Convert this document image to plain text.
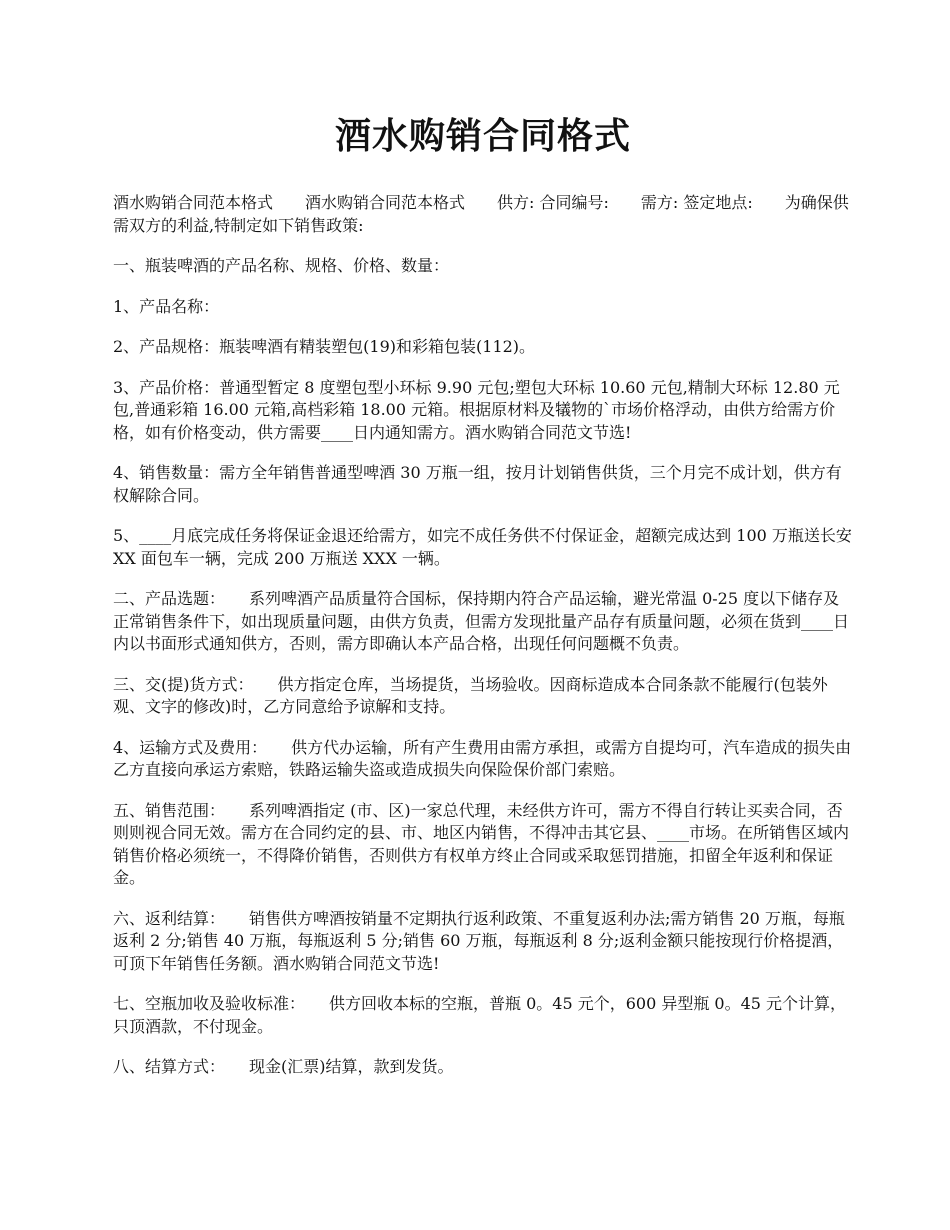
酒水购销合同格式

酒水购销合同范本格式　　酒水购销合同范本格式　　供方: 合同编号:　　需方: 签定地点:　　为确保供需双方的利益,特制定如下销售政策:

一、瓶装啤酒的产品名称、规格、价格、数量：

1、产品名称：

2、产品规格：瓶装啤酒有精装塑包(19)和彩箱包装(112)。

3、产品价格：普通型暂定 8 度塑包型小环标 9.90 元包;塑包大环标 10.60 元包,精制大环标 12.80 元包,普通彩箱 16.00 元箱,高档彩箱 18.00 元箱。根据原材料及犠物的`市场价格浮动，由供方给需方价格，如有价格变动，供方需要____日内通知需方。酒水购销合同范文节选!

4、销售数量：需方全年销售普通型啤酒 30 万瓶一组，按月计划销售供货，三个月完不成计划，供方有权解除合同。

5、____月底完成任务将保证金退还给需方，如完不成任务供不付保证金，超额完成达到 100 万瓶送长安 XX 面包车一辆，完成 200 万瓶送 XXX 一辆。

二、产品选题：　　系列啤酒产品质量符合国标，保持期内符合产品运输，避光常温 0-25 度以下储存及正常销售条件下，如出现质量问题，由供方负责，但需方发现批量产品存有质量问题，必须在货到____日内以书面形式通知供方，否则，需方即确认本产品合格，出现任何问题概不负责。

三、交(提)货方式：　　供方指定仓库，当场提货，当场验收。因商标造成本合同条款不能履行(包装外观、文字的修改)时，乙方同意给予谅解和支持。

4、运输方式及费用：　　供方代办运输，所有产生费用由需方承担，或需方自提均可，汽车造成的损失由乙方直接向承运方索赔，铁路运输失盗或造成损失向保险保价部门索赔。

五、销售范围：　　系列啤酒指定 (市、区)一家总代理，未经供方许可，需方不得自行转让买卖合同，否则则视合同无效。需方在合同约定的县、市、地区内销售，不得冲击其它县、____市场。在所销售区域内销售价格必须统一，不得降价销售，否则供方有权单方终止合同或采取惩罚措施，扣留全年返利和保证金。

六、返利结算：　　销售供方啤酒按销量不定期执行返利政策、不重复返利办法;需方销售 20 万瓶，每瓶返利 2 分;销售 40 万瓶，每瓶返利 5 分;销售 60 万瓶，每瓶返利 8 分;返利金额只能按现行价格提酒，可顶下年销售任务额。酒水购销合同范文节选!

七、空瓶加收及验收标准：　　供方回收本标的空瓶，普瓶 0。45 元个，600 异型瓶 0。45 元个计算，只顶酒款，不付现金。

八、结算方式：　　现金(汇票)结算，款到发货。
